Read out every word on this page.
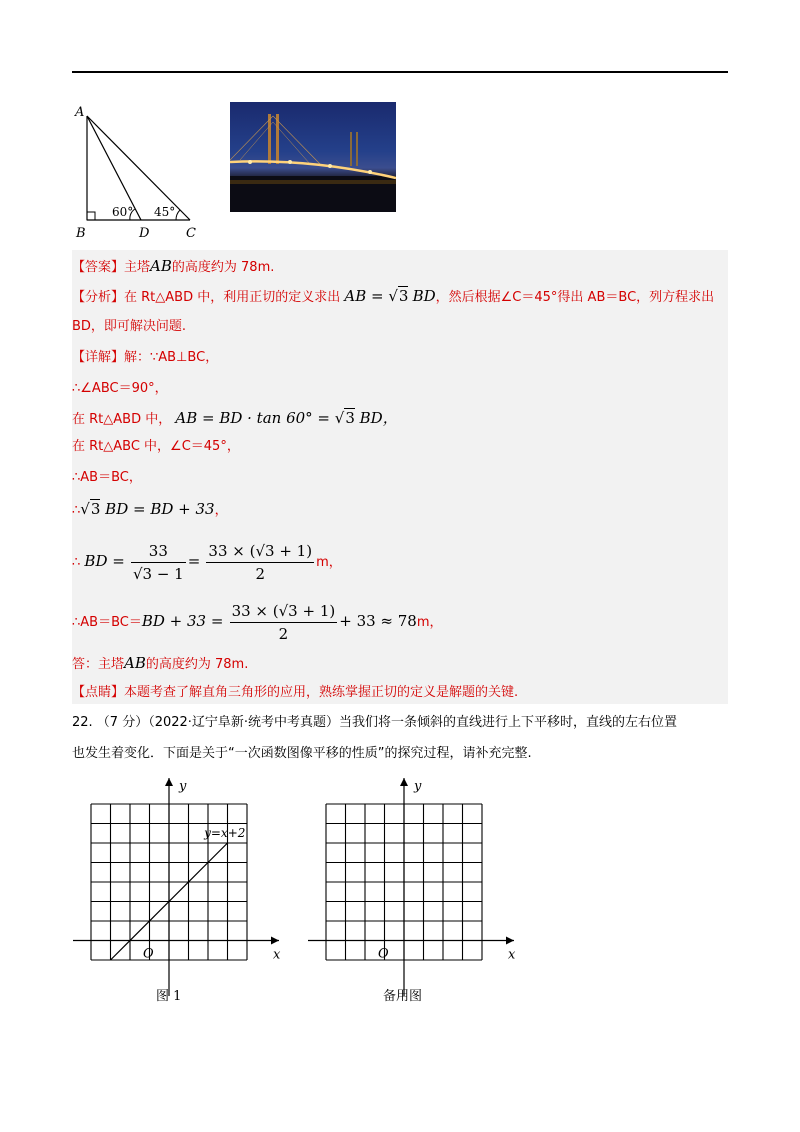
A
B	D	C
60° 45°
【答案】主塔AB的高度约为 78m.
【分析】在 Rt△ABD 中，利用正切的定义求出 AB = √3 BD，然后根据∠C＝45°得出 AB＝BC，列方程求出
BD，即可解决问题.
【详解】解：∵AB⊥BC，
∴∠ABC＝90°，
在 Rt△ABD 中， AB = BD · tan 60° = √3 BD，
在 Rt△ABC 中，∠C＝45°，
∴AB＝BC，
∴√3 BD = BD + 33，
∴ BD = $\frac{33}{√3 - 1} = \frac{33 \times (√3 + 1)}{2}$ m，
∴AB＝BC＝BD + $33 = \frac{33 \times (√3 + 1)}{2} + 33 \approx 78m$，
答：主塔AB的高度约为 78m.
【点睛】本题考查了解直角三角形的应用，熟练掌握正切的定义是解题的关键.
22. （7 分）（2022·辽宁阜新·统考中考真题）当我们将一条倾斜的直线进行上下平移时，直线的左右位置
也发生着变化．下面是关于“一次函数图像平移的性质”的探究过程，请补充完整.
x
y
O
y=x+2
x
y
O
图 1	备用图
